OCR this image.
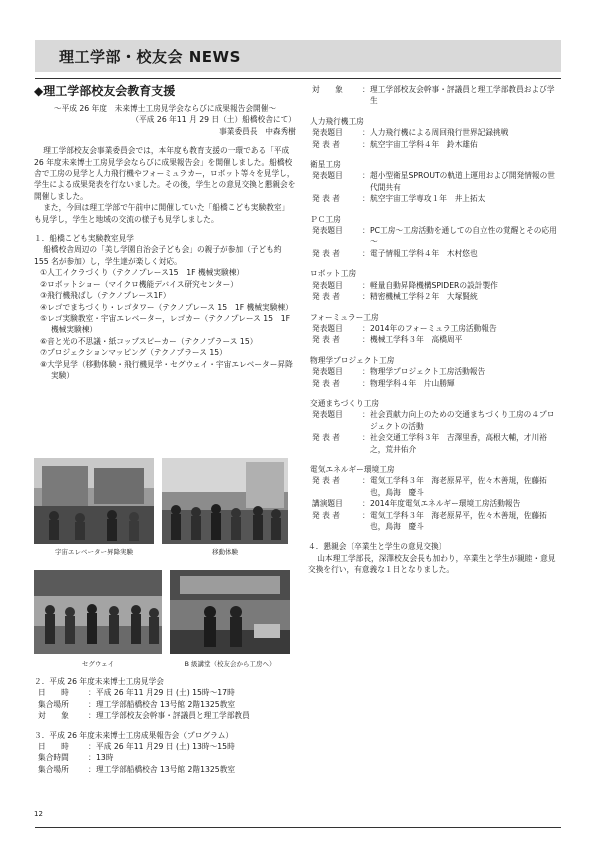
理工学部・校友会 NEWS
◆理工学部校友会教育支援

～平成 26 年度　未来博士工房見学会ならびに成果報告会開催～

（平成 26 年11 月 29 日（土）船橋校舎にて）

事業委員長　中森秀樹

理工学部校友会事業委員会では，本年度も教育支援の一環である「平成 26 年度未来博士工房見学会ならびに成果報告会」を開催しました。船橋校舎で工房の見学と人力飛行機やフォーミュラカー，ロボット等々を見学し，学生による成果発表を行ないました。その後，学生との意見交換と懇親会を開催しました。

また，今回は理工学部で午前中に開催していた「船橋こども実験教室」も見学し，学生と地域の交流の様子も見学しました。

１．船橋こども実験教室見学

船橋校舎周辺の「美し学園自治会子ども会」の親子が参加（子ども約 155 名が参加）し，学生達が楽しく対応。

①人工イクラづくり（テクノプレース15　1F 機械実験棟）

②ロボットショー（マイクロ機能デバイス研究センター）

③飛行機飛ばし（テクノプレース1F）

④レゴでまちづくり・レゴタワー（テクノプレース 15　1F 機械実験棟）

⑤レゴ実験教室・宇宙エレベーター，レゴカー（テクノプレース 15　1F 機械実験棟）

⑥音と光の不思議・紙コップスピーカー（テクノプラース 15）

⑦プロジェクションマッピング（テクノプラース 15）

⑧大学見学（移動体験・飛行機見学・セグウェイ・宇宙エレベーター昇降実験）

宇宙エレベーター昇降実験	移動体験
セグウェイ	B 級講堂（校友会から工房へ）

２．平成 26 年度未来博士工房見学会

日　　時	： 平成 26 年11 月29 日 (土) 15時～17時
集合場所	： 理工学部船橋校舎 13号館 2階1325教室
対　　象	： 理工学部校友会幹事・評議員と理工学部教員

３．平成 26 年度未来博士工房成果報告会（プログラム）

日　　時	： 平成 26 年11 月29 日 (土) 13時～15時
集合時間	： 13時
集合場所	： 理工学部船橋校舎 13号館 2階1325教室
対　　象	： 理工学部校友会幹事・評議員と理工学部教員および学生

人力飛行機工房

発表題目	： 人力飛行機による周回飛行世界記録挑戦
発 表 者	： 航空宇宙工学科４年　鈴木雄佑

衛星工房

発表題目	： 超小型衛星SPROUTの軌道上運用および開発情報の世代間共有
発 表 者	： 航空宇宙工学専攻１年　井上拓太

ＰＣ工房

発表題目	： PC工房～工房活動を通しての自立性の覚醒とその応用～
発 表 者	： 電子情報工学科４年　木村悠也

ロボット工房

発表題目	： 軽量自動昇降機構SPIDERの設計製作
発 表 者	： 精密機械工学科２年　大塚賢統

フォーミュラー工房

発表題目	： 2014年のフォーミュラ工房活動報告
発 表 者	： 機械工学科３年　高橋周平

物理学プロジェクト工房

発表題目	： 物理学プロジェクト工房活動報告
発 表 者	： 物理学科４年　片山勝輝

交通まちづくり工房

発表題目	： 社会貢献力向上のための交通まちづくり工房の４プロジェクトの活動
発 表 者	： 社会交通工学科３年　吉澤里香，高根大輔，才川裕之，荒井佑介

電気エネルギー環境工房

発 表 者	： 電気工学科３年　海老原昇平，佐々木善規，佐藤拓也，鳥海　慶斗
講演題目	： 2014年度電気エネルギー環境工房活動報告
発 表 者	： 電気工学科３年　海老原昇平，佐々木善規，佐藤拓也，鳥海　慶斗

４．懇親会〔卒業生と学生の意見交換〕

山本理工学部長，深澤校友会長も加わり，卒業生と学生が親睦・意見交換を行い，有意義な１日となりました。

12
